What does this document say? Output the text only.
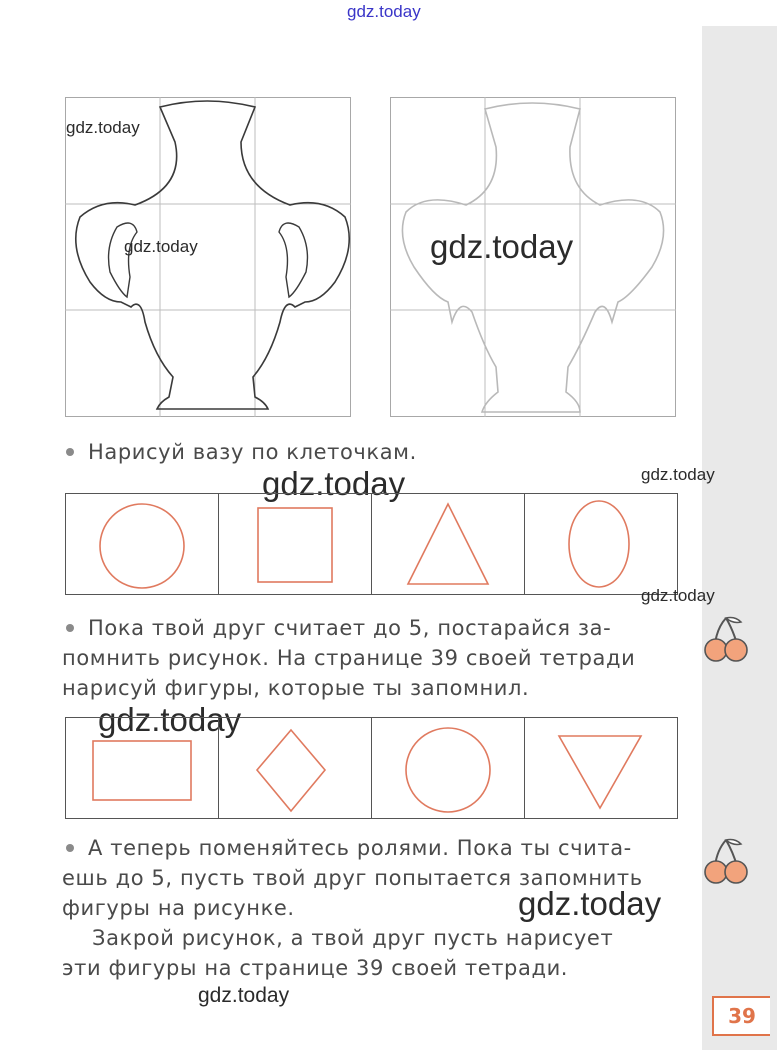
gdz.today
gdz.today
gdz.today	gdz.today
Нарисуй вазу по клеточкам.
gdz.today	gdz.today
gdz.today
Пока твой друг считает до 5, постарайся за-
помнить рисунок. На странице 39 своей тетради
нарисуй фигуры, которые ты запомнил.
gdz.today
А теперь поменяйтесь ролями. Пока ты счита-
ешь до 5, пусть твой друг попытается запомнить
фигуры на рисунке.
Закрой рисунок, а твой друг пусть нарисует
эти фигуры на странице 39 своей тетради.
gdz.today
gdz.today
39
